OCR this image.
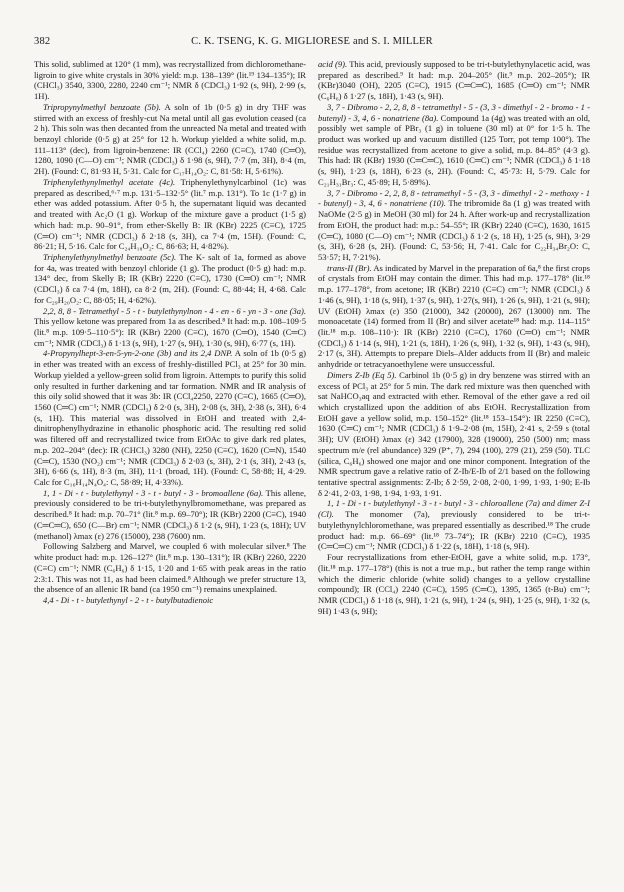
382	C. K. TSENG, K. G. MIGLIORESE and S. I. MILLER

This solid, sublimed at 120° (1 mm), was recrystallized from dichloromethane-ligroin to give white crystals in 30% yield: m.p. 138–139° (lit.¹⁹ 134–135°); IR (CHCl₃) 3540, 3300, 2280, 2240 cm⁻¹; NMR δ (CDCl₃) 1·92 (s, 9H), 2·99 (s, 1H).

Tripropynylmethyl benzoate (5b). A soln of 1b (0·5 g) in dry THF was stirred with an excess of freshly-cut Na metal until all gas evolution ceased (ca 2 h). This soln was then decanted from the unreacted Na metal and treated with benzoyl chloride (0·5 g) at 25° for 12 h. Workup yielded a white solid, m.p. 111–113° (dec), from ligroin-benzene: IR (CCl₄) 2260 (C≡C), 1740 (C═O), 1280, 1090 (C—O) cm⁻¹; NMR (CDCl₃) δ 1·98 (s, 9H), 7·7 (m, 3H), 8·4 (m, 2H). (Found: C, 81·93 H, 5·31. Calc for C₁₇H₁₄O₂: C, 81·58: H, 5·61%).

Triphenylethynylmethyl acetate (4c). Triphenylethynylcarbinol (1c) was prepared as described,⁶·⁷ m.p. 131·5–132·5° (lit.⁷ m.p. 131°). To 1c (1·7 g) in ether was added potassium. After 0·5 h, the supernatant liquid was decanted and treated with Ac₂O (1 g). Workup of the mixture gave a product (1·5 g) which had: m.p. 90–91°, from ether-Skelly B: IR (KBr) 2225 (C≡C), 1725 (C═O) cm⁻¹; NMR (CDCl₃) δ 2·18 (s, 3H), ca 7·4 (m, 15H). (Found: C, 86·21; H, 5·16. Calc for C₂₄H₁₈O₂: C, 86·63; H, 4·82%).

Triphenylethynylmethyl benzoate (5c). The K- salt of 1a, formed as above for 4a, was treated with benzoyl chloride (1 g). The product (0·5 g) had: m.p. 134° dec, from Skelly B; IR (KBr) 2220 (C≡C), 1730 (C═O) cm⁻¹; NMR (CDCl₃) δ ca 7·4 (m, 18H), ca 8·2 (m, 2H). (Found: C, 88·44; H, 4·68. Calc for C₂₉H₂₀O₂: C, 88·05; H, 4·62%).

2,2, 8, 8 - Tetramethyl - 5 - t - butylethynylnon - 4 - en - 6 - yn - 3 - one (3a). This yellow ketone was prepared from 1a as described.⁸ It had: m.p. 108–109·5 (lit.⁸ m.p. 109·5–110·5°): IR (KBr) 2200 (C≡C), 1670 (C═O), 1540 (C═C) cm⁻¹; NMR (CDCl₃) δ 1·13 (s, 9H), 1·27 (s, 9H), 1·30 (s, 9H), 6·77 (s, 1H).

4-Propynylhept-3-en-5-yn-2-one (3b) and its 2,4 DNP. A soln of 1b (0·5 g) in ether was treated with an excess of freshly-distilled PCl₃ at 25° for 30 min. Workup yielded a yellow-green solid from ligroin. Attempts to purify this solid only resulted in further darkening and tar formation. NMR and IR analysis of this oily solid showed that it was 3b: IR (CCl₄2250, 2270 (C≡C), 1665 (C═O), 1560 (C═C) cm⁻¹; NMR (CDCl₃) δ 2·0 (s, 3H), 2·08 (s, 3H), 2·38 (s, 3H), 6·4 (s, 1H). This material was dissolved in EtOH and treated with 2,4-dinitrophenylhydrazine in ethanolic phosphoric acid. The resulting red solid was filtered off and recrystallized twice from EtOAc to give dark red plates, m.p. 202–204° (dec): IR (CHCl₃) 3280 (NH), 2250 (C≡C), 1620 (C═N), 1540 (C═C), 1530 (NO₂) cm⁻¹; NMR (CDCl₃) δ 2·03 (s, 3H), 2·1 (s, 3H), 2·43 (s, 3H), 6·66 (s, 1H), 8·3 (m, 3H), 11·1 (broad, 1H). (Found: C, 58·88; H, 4·29. Calc for C₁₆H₁₄N₄O₄: C, 58·89; H, 4·33%).

1, 1 - Di - t - butylethynyl - 3 - t - butyl - 3 - bromoallene (6a). This allene, previously considered to be tri-t-butylethynylbromomethane, was prepared as described.⁸ It had: m.p. 70–71° (lit.⁸ m.p. 69–70°); IR (KBr) 2200 (C≡C), 1940 (C═C═C), 650 (C—Br) cm⁻¹; NMR (CDCl₃) δ 1·2 (s, 9H), 1·23 (s, 18H); UV (methanol) λmax (ε) 276 (15000), 238 (7600) nm.

Following Salzberg and Marvel, we coupled 6 with molecular silver.⁸ The white product had: m.p. 126–127° (lit.⁸ m.p. 130–131°); IR (KBr) 2260, 2220 (C≡C) cm⁻¹; NMR (C₆H₆) δ 1·15, 1·20 and 1·65 with peak areas in the ratio 2:3:1. This was not 11, as had been claimed.⁸ Although we prefer structure 13, the absence of an allenic IR band (ca 1950 cm⁻¹) remains unexplained.

4,4 - Di - t - butylethynyl - 2 - t - butylbutadienoic

acid (9). This acid, previously supposed to be tri-t-butylethynylacetic acid, was prepared as described.⁹ It had: m.p. 204–205° (lit.⁹ m.p. 202–205°); IR (KBr)3040 (OH), 2205 (C≡C), 1915 (C═C═C), 1685 (C═O) cm⁻¹; NMR (C₆H₆) δ 1·27 (s, 18H), 1·43 (s, 9H).

3, 7 - Dibromo - 2, 2, 8, 8 - tetramethyl - 5 - (3, 3 - dimethyl - 2 - bromo - 1 - butenyl) - 3, 4, 6 - nonatriene (8a). Compound 1a (4g) was treated with an old, possibly wet sample of PBr₃ (1 g) in toluene (30 ml) at 0° for 1·5 h. The product was worked up and vacuum distilled (125 Torr, pot temp 100°). The residue was recrystallized from acetone to give a solid, m.p. 84–85° (4·3 g). This had: IR (KBr) 1930 (C═C═C), 1610 (C═C) cm⁻¹; NMR (CDCl₃) δ 1·18 (s, 9H), 1·23 (s, 18H), 6·23 (s, 2H). (Found: C, 45·73: H, 5·79. Calc for C₂₁H₃₁Br₃: C, 45·89; H, 5·89%).

3, 7 - Dibromo - 2, 2, 8, 8 - tetramethyl - 5 - (3, 3 - dimethyl - 2 - methoxy - 1 - butenyl) - 3, 4, 6 - nonatriene (10). The tribromide 8a (1 g) was treated with NaOMe (2·5 g) in MeOH (30 ml) for 24 h. After work-up and recrystallization from EtOH, the product had: m.p.: 54–55°; IR (KBr) 2240 (C≡C), 1630, 1615 (C═C), 1080 (C—O) cm⁻¹; NMR (CDCl₃) δ 1·2 (s, 18 H), 1·25 (s, 9H), 3·29 (s, 3H), 6·28 (s, 2H). (Found: C, 53·56; H, 7·41. Calc for C₂₂H₃₄Br₂O: C, 53·57; H, 7·21%).

trans-II (Br). As indicated by Marvel in the preparation of 6a,⁸ the first crops of crystals from EtOH may contain the dimer. This had m.p. 177–178° (lit.¹⁸ m.p. 177–178°, from acetone; IR (KBr) 2210 (C≡C) cm⁻¹; NMR (CDCl₃) δ 1·46 (s, 9H), 1·18 (s, 9H), 1·37 (s, 9H), 1·27(s, 9H), 1·26 (s, 9H), 1·21 (s, 9H); UV (EtOH) λmax (ε) 350 (21000), 342 (20000), 267 (13000) nm. The monoacetate (14) formed from II (Br) and silver acetate¹⁸ had: m.p. 114–115° (lit.¹⁸ m.p. 108–110·): IR (KBr) 2210 (C≡C), 1760 (C═O) cm⁻¹; NMR (CDCl₃) δ 1·14 (s, 9H), 1·21 (s, 18H), 1·26 (s, 9H), 1·32 (s, 9H), 1·43 (s, 9H), 2·17 (s, 3H). Attempts to prepare Diels–Alder adducts from II (Br) and maleic anhydride or tetracyanoethylene were unsuccessful.

Dimers Z-Ib (Eq 5). Carbinol 1b (0·5 g) in dry benzene was stirred with an excess of PCl₃ at 25° for 5 min. The dark red mixture was then quenched with sat NaHCO₃aq and extracted with ether. Removal of the ether gave a red oil which crystallized upon the addition of abs EtOH. Recrystallization from EtOH gave a yellow solid, m.p. 150–152° (lit.¹⁸ 153–154°): IR 2250 (C≡C), 1630 (C═C) cm⁻¹; NMR (CDCl₃) δ 1·9–2·08 (m, 15H), 2·41 s, 2·59 s (total 3H); UV (EtOH) λmax (ε) 342 (17900), 328 (19000), 250 (500) nm; mass spectrum m/e (rel abundance) 329 (P⁺, 7), 294 (100), 279 (21), 259 (50). TLC (silica, C₆H₆) showed one major and one minor component. Integration of the NMR spectrum gave a relative ratio of Z-Ib/E-Ib of 2/1 based on the following tentative spectral assignments: Z-Ib; δ 2·59, 2·08, 2·00, 1·99, 1·93, 1·90; E-Ib δ 2·41, 2·03, 1·98, 1·94, 1·93, 1·91.

1, 1 - Di - t - butylethynyl - 3 - t - butyl - 3 - chloroallene (7a) and dimer Z-I (Cl). The monomer (7a), previously considered to be tri-t-butylethynylchloromethane, was prepared essentially as described.¹⁸ The crude product had: m.p. 66–69° (lit.¹⁸ 73–74°); IR (KBr) 2210 (C≡C), 1935 (C═C═C) cm⁻¹; NMR (CDCl₃) δ 1·22 (s, 18H), 1·18 (s, 9H).

Four recrystallizations from ether-EtOH, gave a white solid, m.p. 173°, (lit.¹⁸ m.p. 177–178°) (this is not a true m.p., but rather the temp range within which the dimeric chloride (white solid) changes to a yellow crystalline compound); IR (CCl₄) 2240 (C≡C), 1595 (C═C), 1395, 1365 (t-Bu) cm⁻¹; NMR (CDCl₃) δ 1·18 (s, 9H), 1·21 (s, 9H), 1·24 (s, 9H), 1·25 (s, 9H), 1·32 (s, 9H) 1·43 (s, 9H);
